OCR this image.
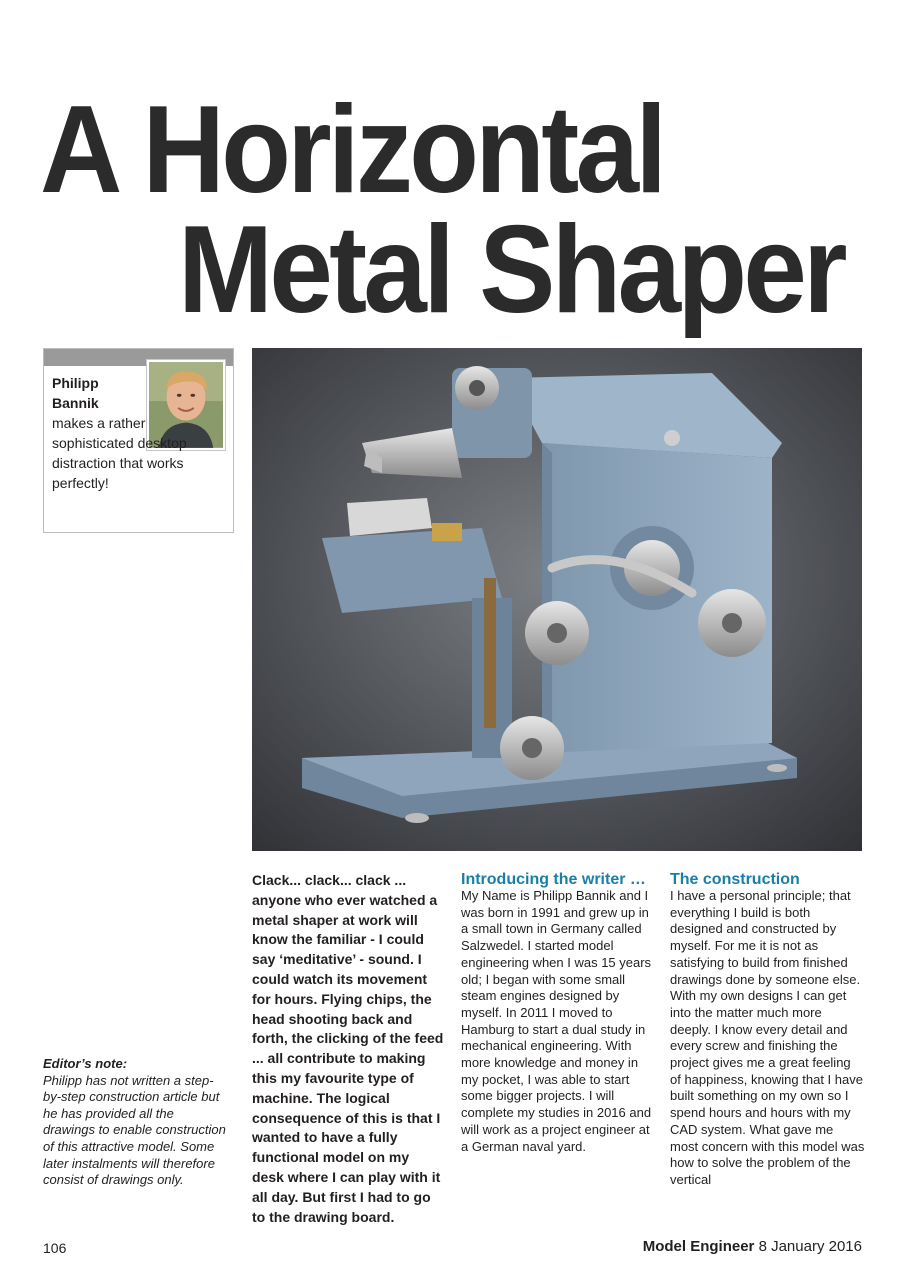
A Horizontal
Metal Shaper
Philipp
Bannik
makes a rather sophisticated desktop distraction that works perfectly!
Editor’s note:
Philipp has not written a step-by-step construction article but he has provided all the drawings to enable construction of this attractive model. Some later instalments will therefore consist of drawings only.
Clack... clack... clack ... anyone who ever watched a metal shaper at work will know the familiar - I could say ‘meditative’ - sound. I could watch its movement for hours. Flying chips, the head shooting back and forth, the clicking of the feed ... all contribute to making this my favourite type of machine. The logical consequence of this is that I wanted to have a fully functional model on my desk where I can play with it all day. But first I had to go to the drawing board.
Introducing the writer …
My Name is Philipp Bannik and I was born in 1991 and grew up in a small town in Germany called Salzwedel. I started model engineering when I was 15 years old; I began with some small steam engines designed by myself. In 2011 I moved to Hamburg to start a dual study in mechanical engineering. With more knowledge and money in my pocket, I was able to start some bigger projects. I will complete my studies in 2016 and will work as a project engineer at a German naval yard.
The construction
I have a personal principle; that everything I build is both designed and constructed by myself. For me it is not as satisfying to build from finished drawings done by someone else. With my own designs I can get into the matter much more deeply. I know every detail and every screw and finishing the project gives me a great feeling of happiness, knowing that I have built something on my own so I spend hours and hours with my CAD system. What gave me most concern with this model was how to solve the problem of the vertical
106	Model Engineer 8 January 2016
